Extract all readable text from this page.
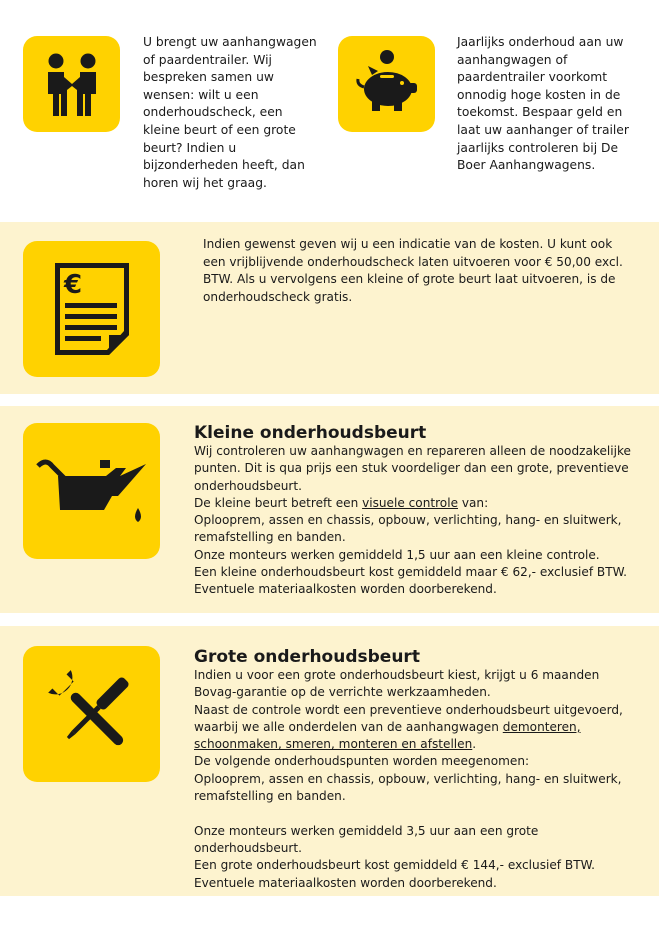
U brengt uw aanhangwagen of paardentrailer. Wij bespreken samen uw wensen: wilt u een onderhoudscheck, een kleine beurt of een grote beurt? Indien u bijzonderheden heeft, dan horen wij het graag.

Jaarlijks onderhoud aan uw aanhangwagen of paardentrailer voorkomt onnodig hoge kosten in de toekomst. Bespaar geld en laat uw aanhanger of trailer jaarlijks controleren bij De Boer Aanhangwagens.

€

Indien gewenst geven wij u een indicatie van de kosten. U kunt ook een vrijblijvende onderhoudscheck laten uitvoeren voor € 50,00 excl. BTW. Als u vervolgens een kleine of grote beurt laat uitvoeren, is de onderhoudscheck gratis.

Kleine onderhoudsbeurt
Wij controleren uw aanhangwagen en repareren alleen de noodzakelijke punten. Dit is qua prijs een stuk voordeliger dan een grote, preventieve onderhoudsbeurt.
De kleine beurt betreft een visuele controle van:
Oplooprem, assen en chassis, opbouw, verlichting, hang- en sluitwerk, remafstelling en banden.
Onze monteurs werken gemiddeld 1,5 uur aan een kleine controle.
Een kleine onderhoudsbeurt kost gemiddeld maar € 62,- exclusief BTW.
Eventuele materiaalkosten worden doorberekend.
Grote onderhoudsbeurt
Indien u voor een grote onderhoudsbeurt kiest, krijgt u 6 maanden Bovag-garantie op de verrichte werkzaamheden.
Naast de controle wordt een preventieve onderhoudsbeurt uitgevoerd, waarbij we alle onderdelen van de aanhangwagen demonteren, schoonmaken, smeren, monteren en afstellen.
De volgende onderhoudspunten worden meegenomen:
Oplooprem, assen en chassis, opbouw, verlichting, hang- en sluitwerk, remafstelling en banden.
Onze monteurs werken gemiddeld 3,5 uur aan een grote onderhoudsbeurt.
Een grote onderhoudsbeurt kost gemiddeld € 144,- exclusief BTW. Eventuele materiaalkosten worden doorberekend.
